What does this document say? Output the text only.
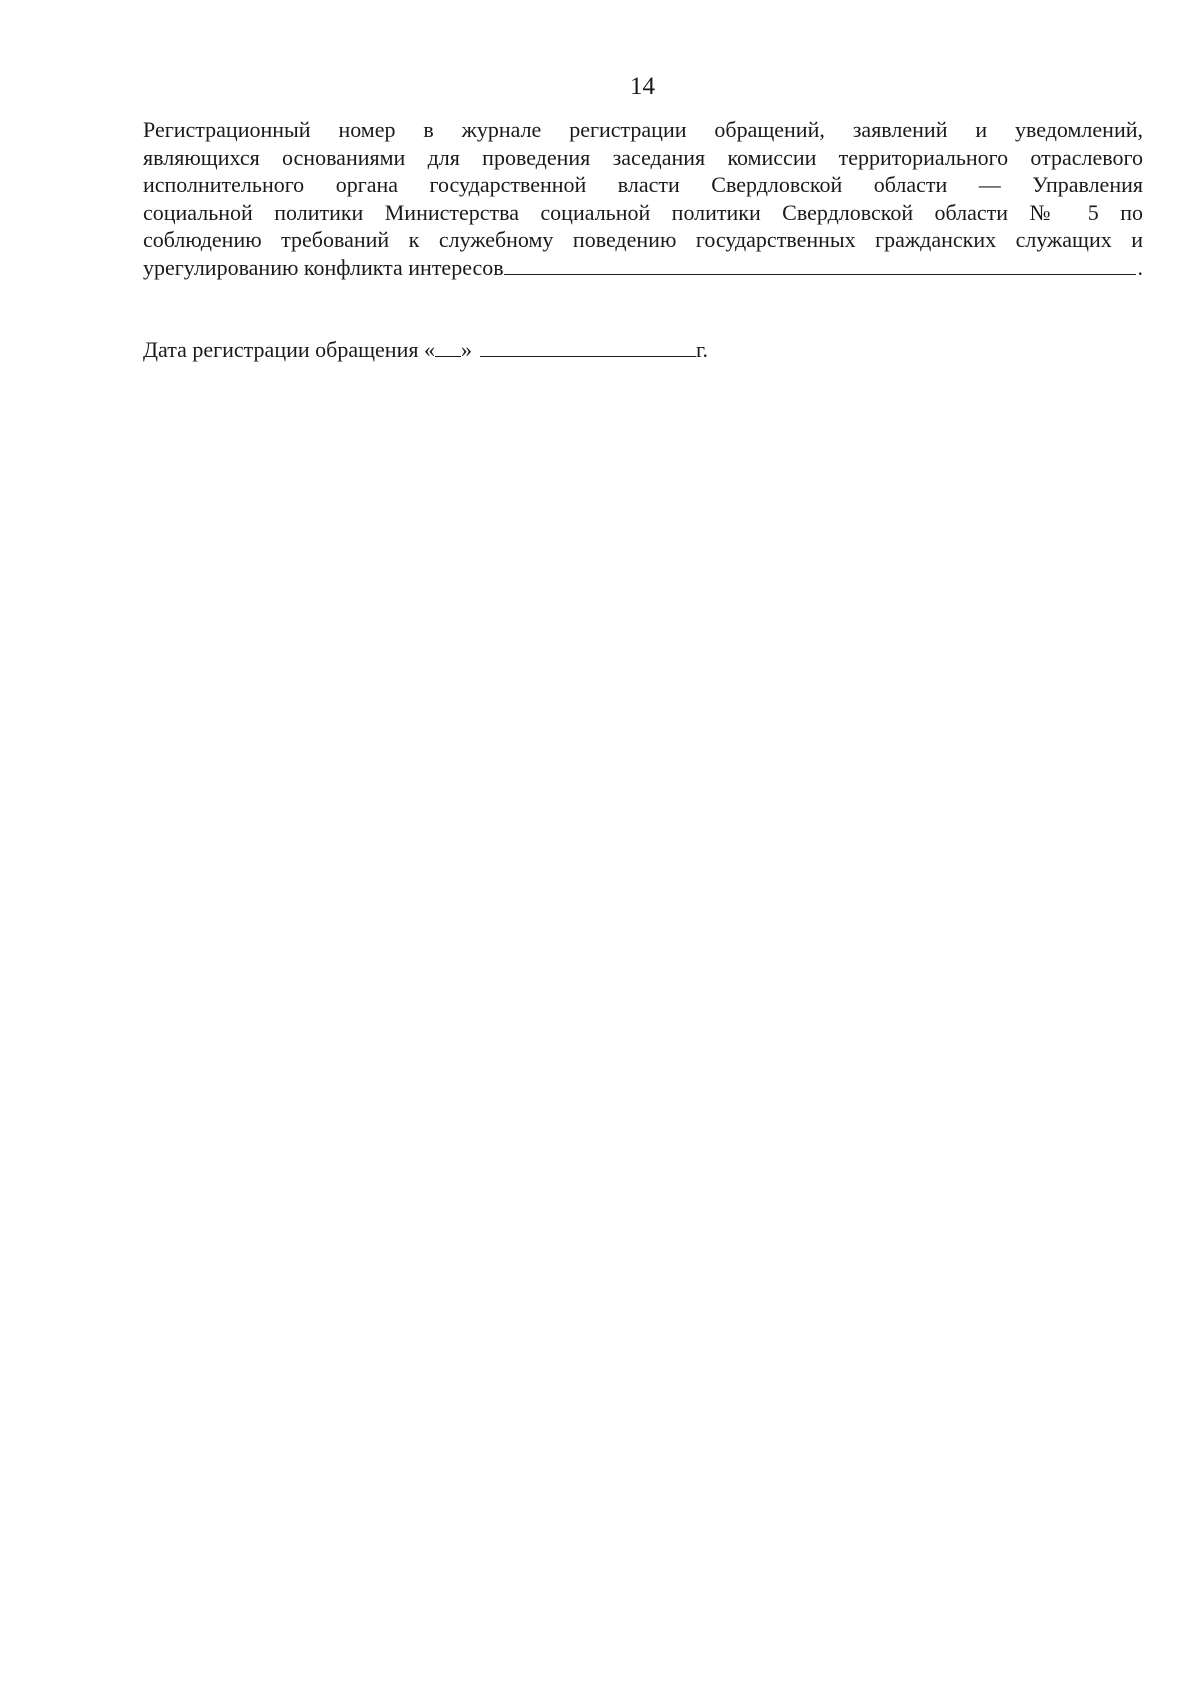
14
Регистрационный номер в журнале регистрации обращений, заявлений и уведомлений,
являющихся основаниями для проведения заседания комиссии территориального отраслевого
исполнительного органа государственной власти Свердловской области — Управления
социальной политики Министерства социальной политики Свердловской области № 5 по
соблюдению требований к служебному поведению государственных гражданских служащих и
урегулированию конфликта интересов	.
Дата регистрации обращения « »	г.
